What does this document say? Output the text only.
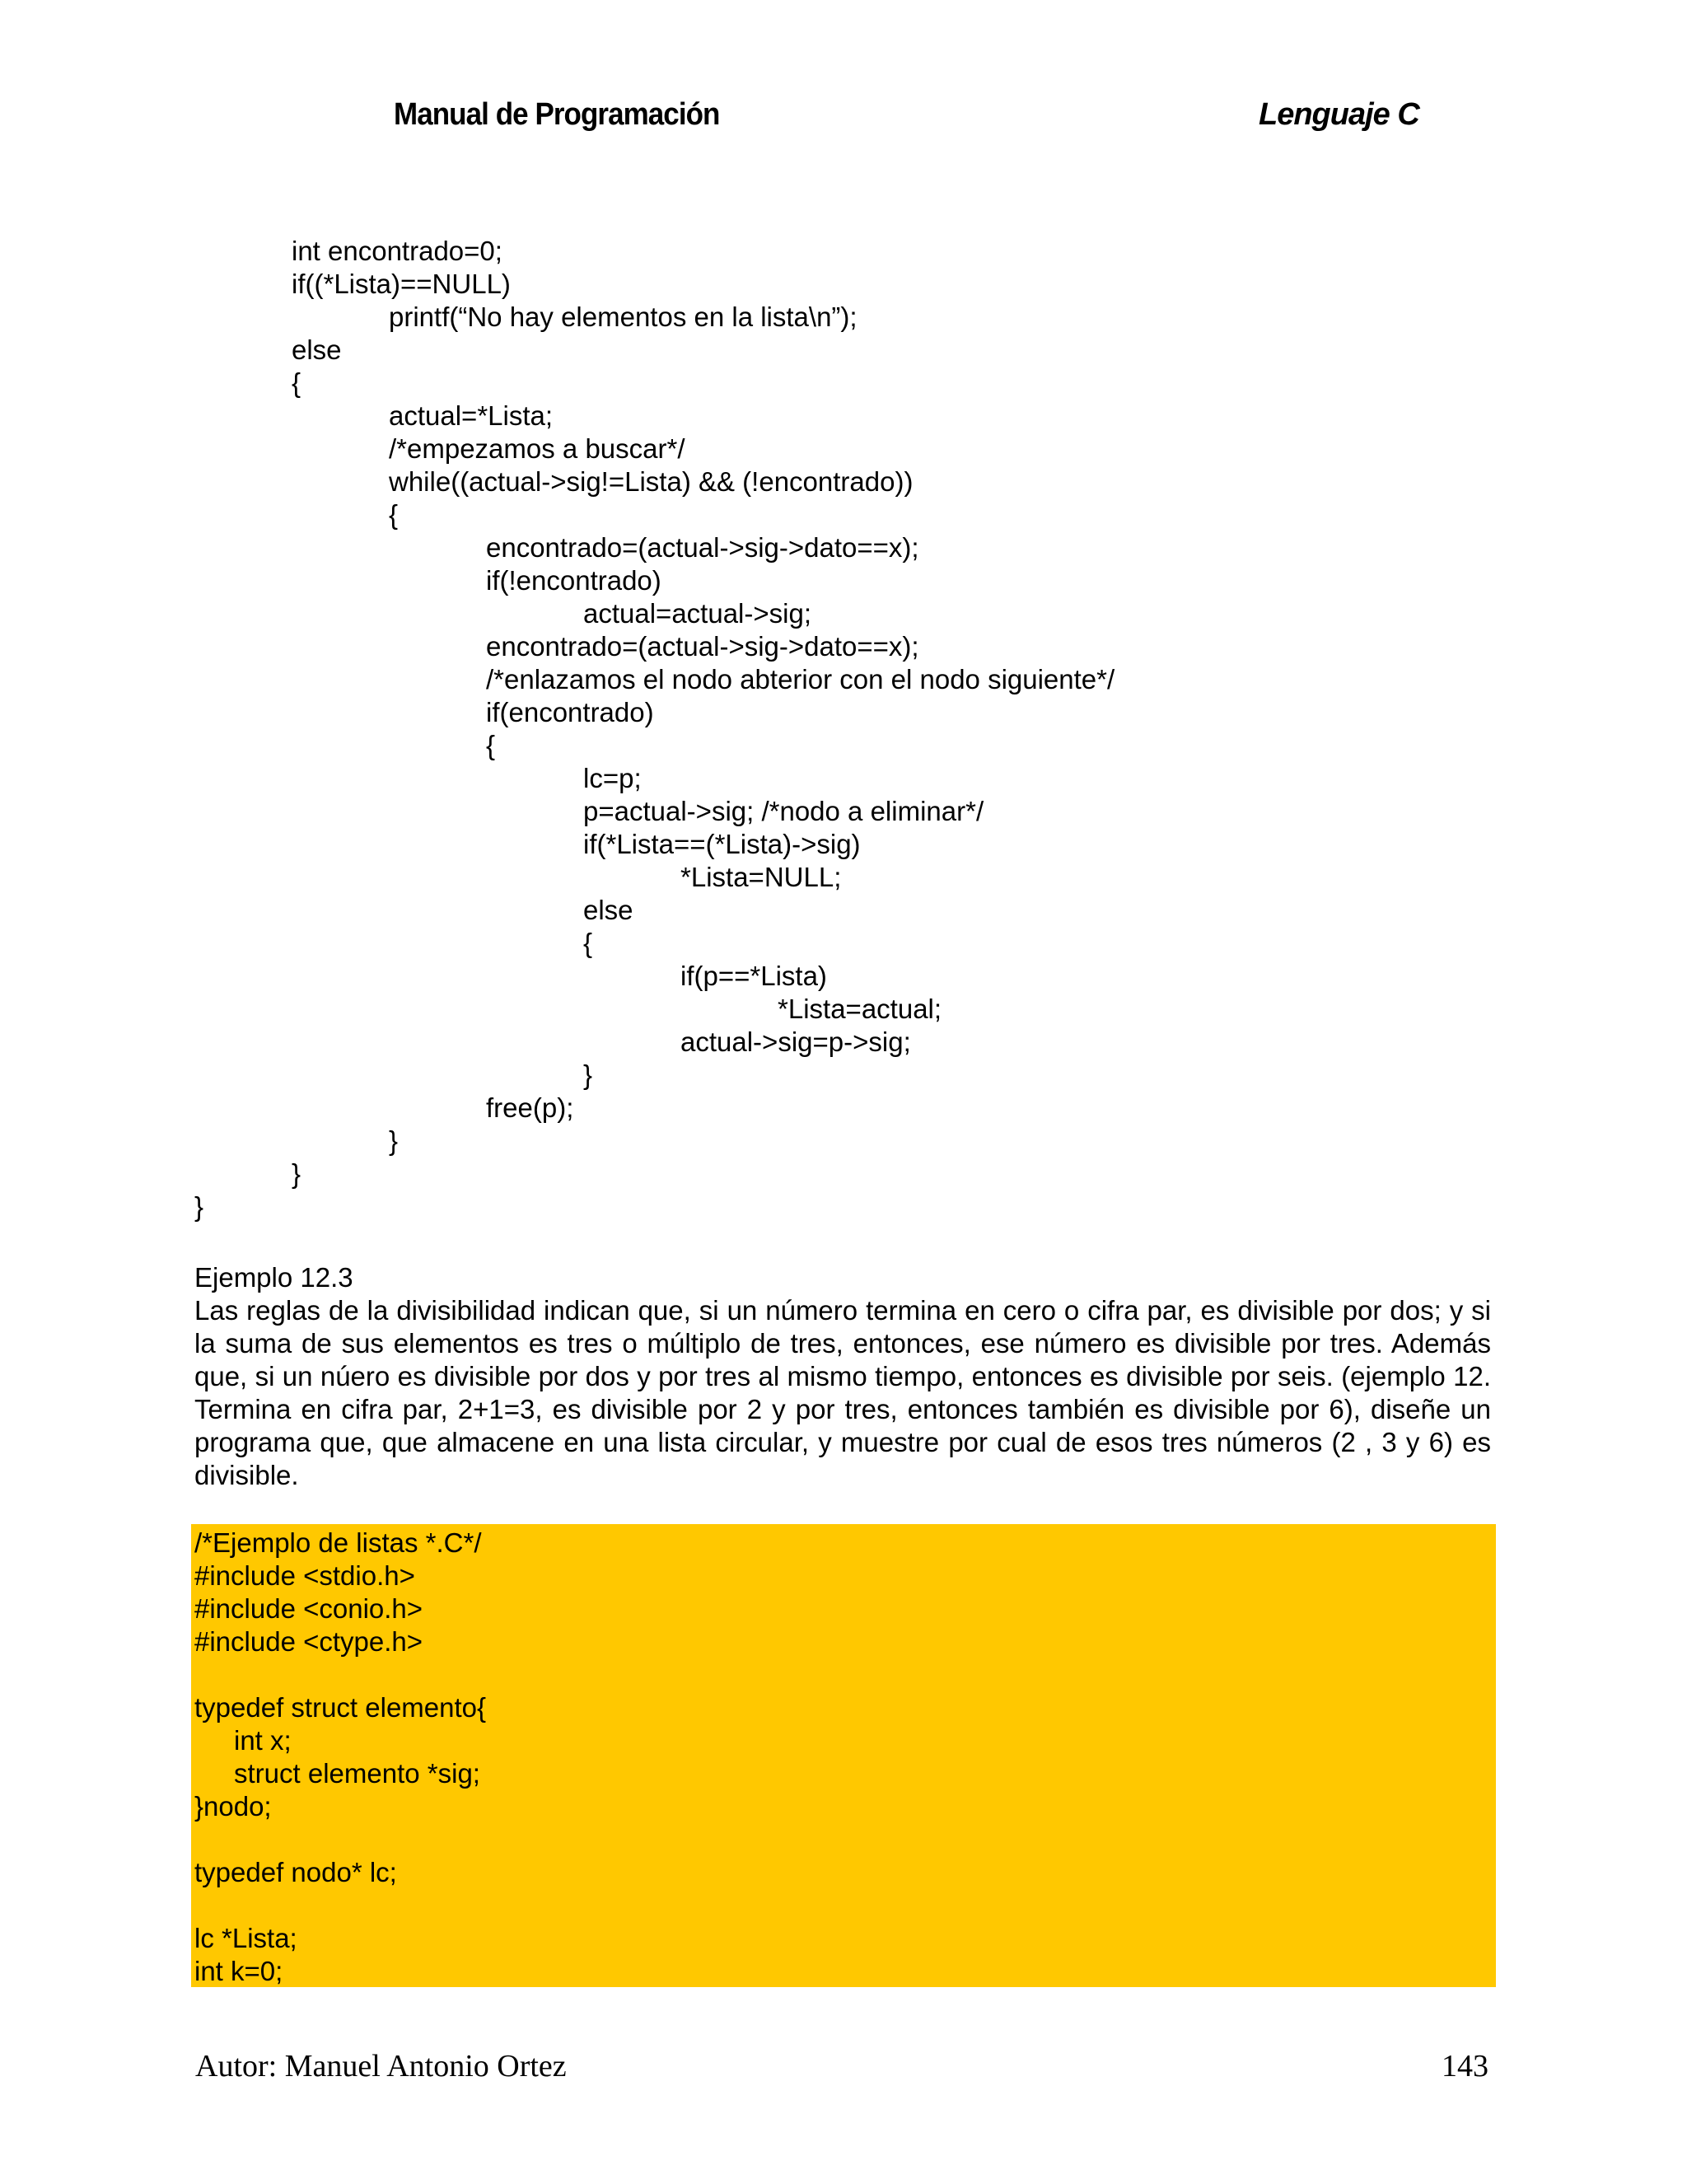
Manual de Programación	Lenguaje C
int encontrado=0;
if((*Lista)==NULL)
printf(“No hay elementos en la lista\n”);
else
{
actual=*Lista;
/*empezamos a buscar*/
while((actual->sig!=Lista) && (!encontrado))
{
encontrado=(actual->sig->dato==x);
if(!encontrado)
actual=actual->sig;
encontrado=(actual->sig->dato==x);
/*enlazamos el nodo abterior con el nodo siguiente*/
if(encontrado)
{
lc=p;
p=actual->sig; /*nodo a eliminar*/
if(*Lista==(*Lista)->sig)
*Lista=NULL;
else
{
if(p==*Lista)
*Lista=actual;
actual->sig=p->sig;
}
free(p);
}
}
}
Ejemplo 12.3
Las reglas de la divisibilidad indican que, si un número termina en cero o cifra par, es divisible por dos; y si la suma de sus elementos es tres o múltiplo de tres, entonces, ese número es divisible por tres. Además que, si un núero es divisible por dos y por tres al mismo tiempo, entonces es divisible por seis. (ejemplo 12. Termina en cifra par, 2+1=3, es divisible por 2 y por tres, entonces también es divisible por 6), diseñe un programa que, que almacene en una lista circular, y muestre por cual de esos tres números (2 , 3 y 6) es divisible.
/*Ejemplo de listas *.C*/
#include <stdio.h>
#include <conio.h>
#include <ctype.h>
typedef struct elemento{
int x;
struct elemento *sig;
}nodo;
typedef nodo* lc;
lc *Lista;
int k=0;
Autor: Manuel Antonio Ortez	143
